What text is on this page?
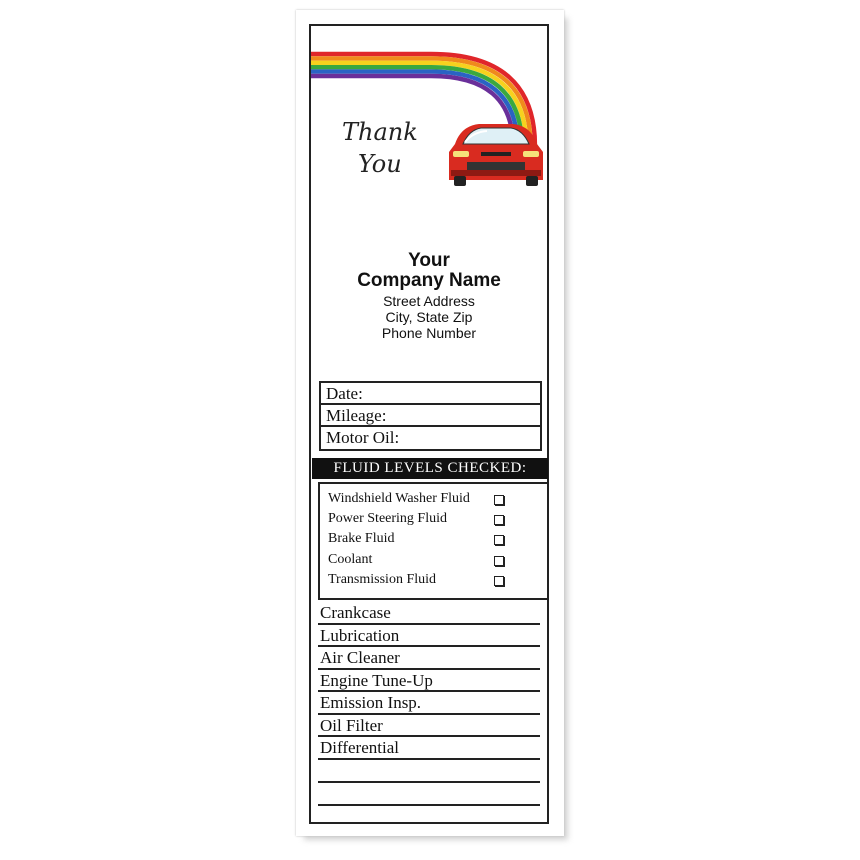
Thank
You
Your
Company Name
Street Address
City, State Zip
Phone Number
Date:
Mileage:
Motor Oil:
FLUID LEVELS CHECKED:
Windshield Washer Fluid
Power Steering Fluid
Brake Fluid
Coolant
Transmission Fluid
Crankcase
Lubrication
Air Cleaner
Engine Tune-Up
Emission Insp.
Oil Filter
Differential
